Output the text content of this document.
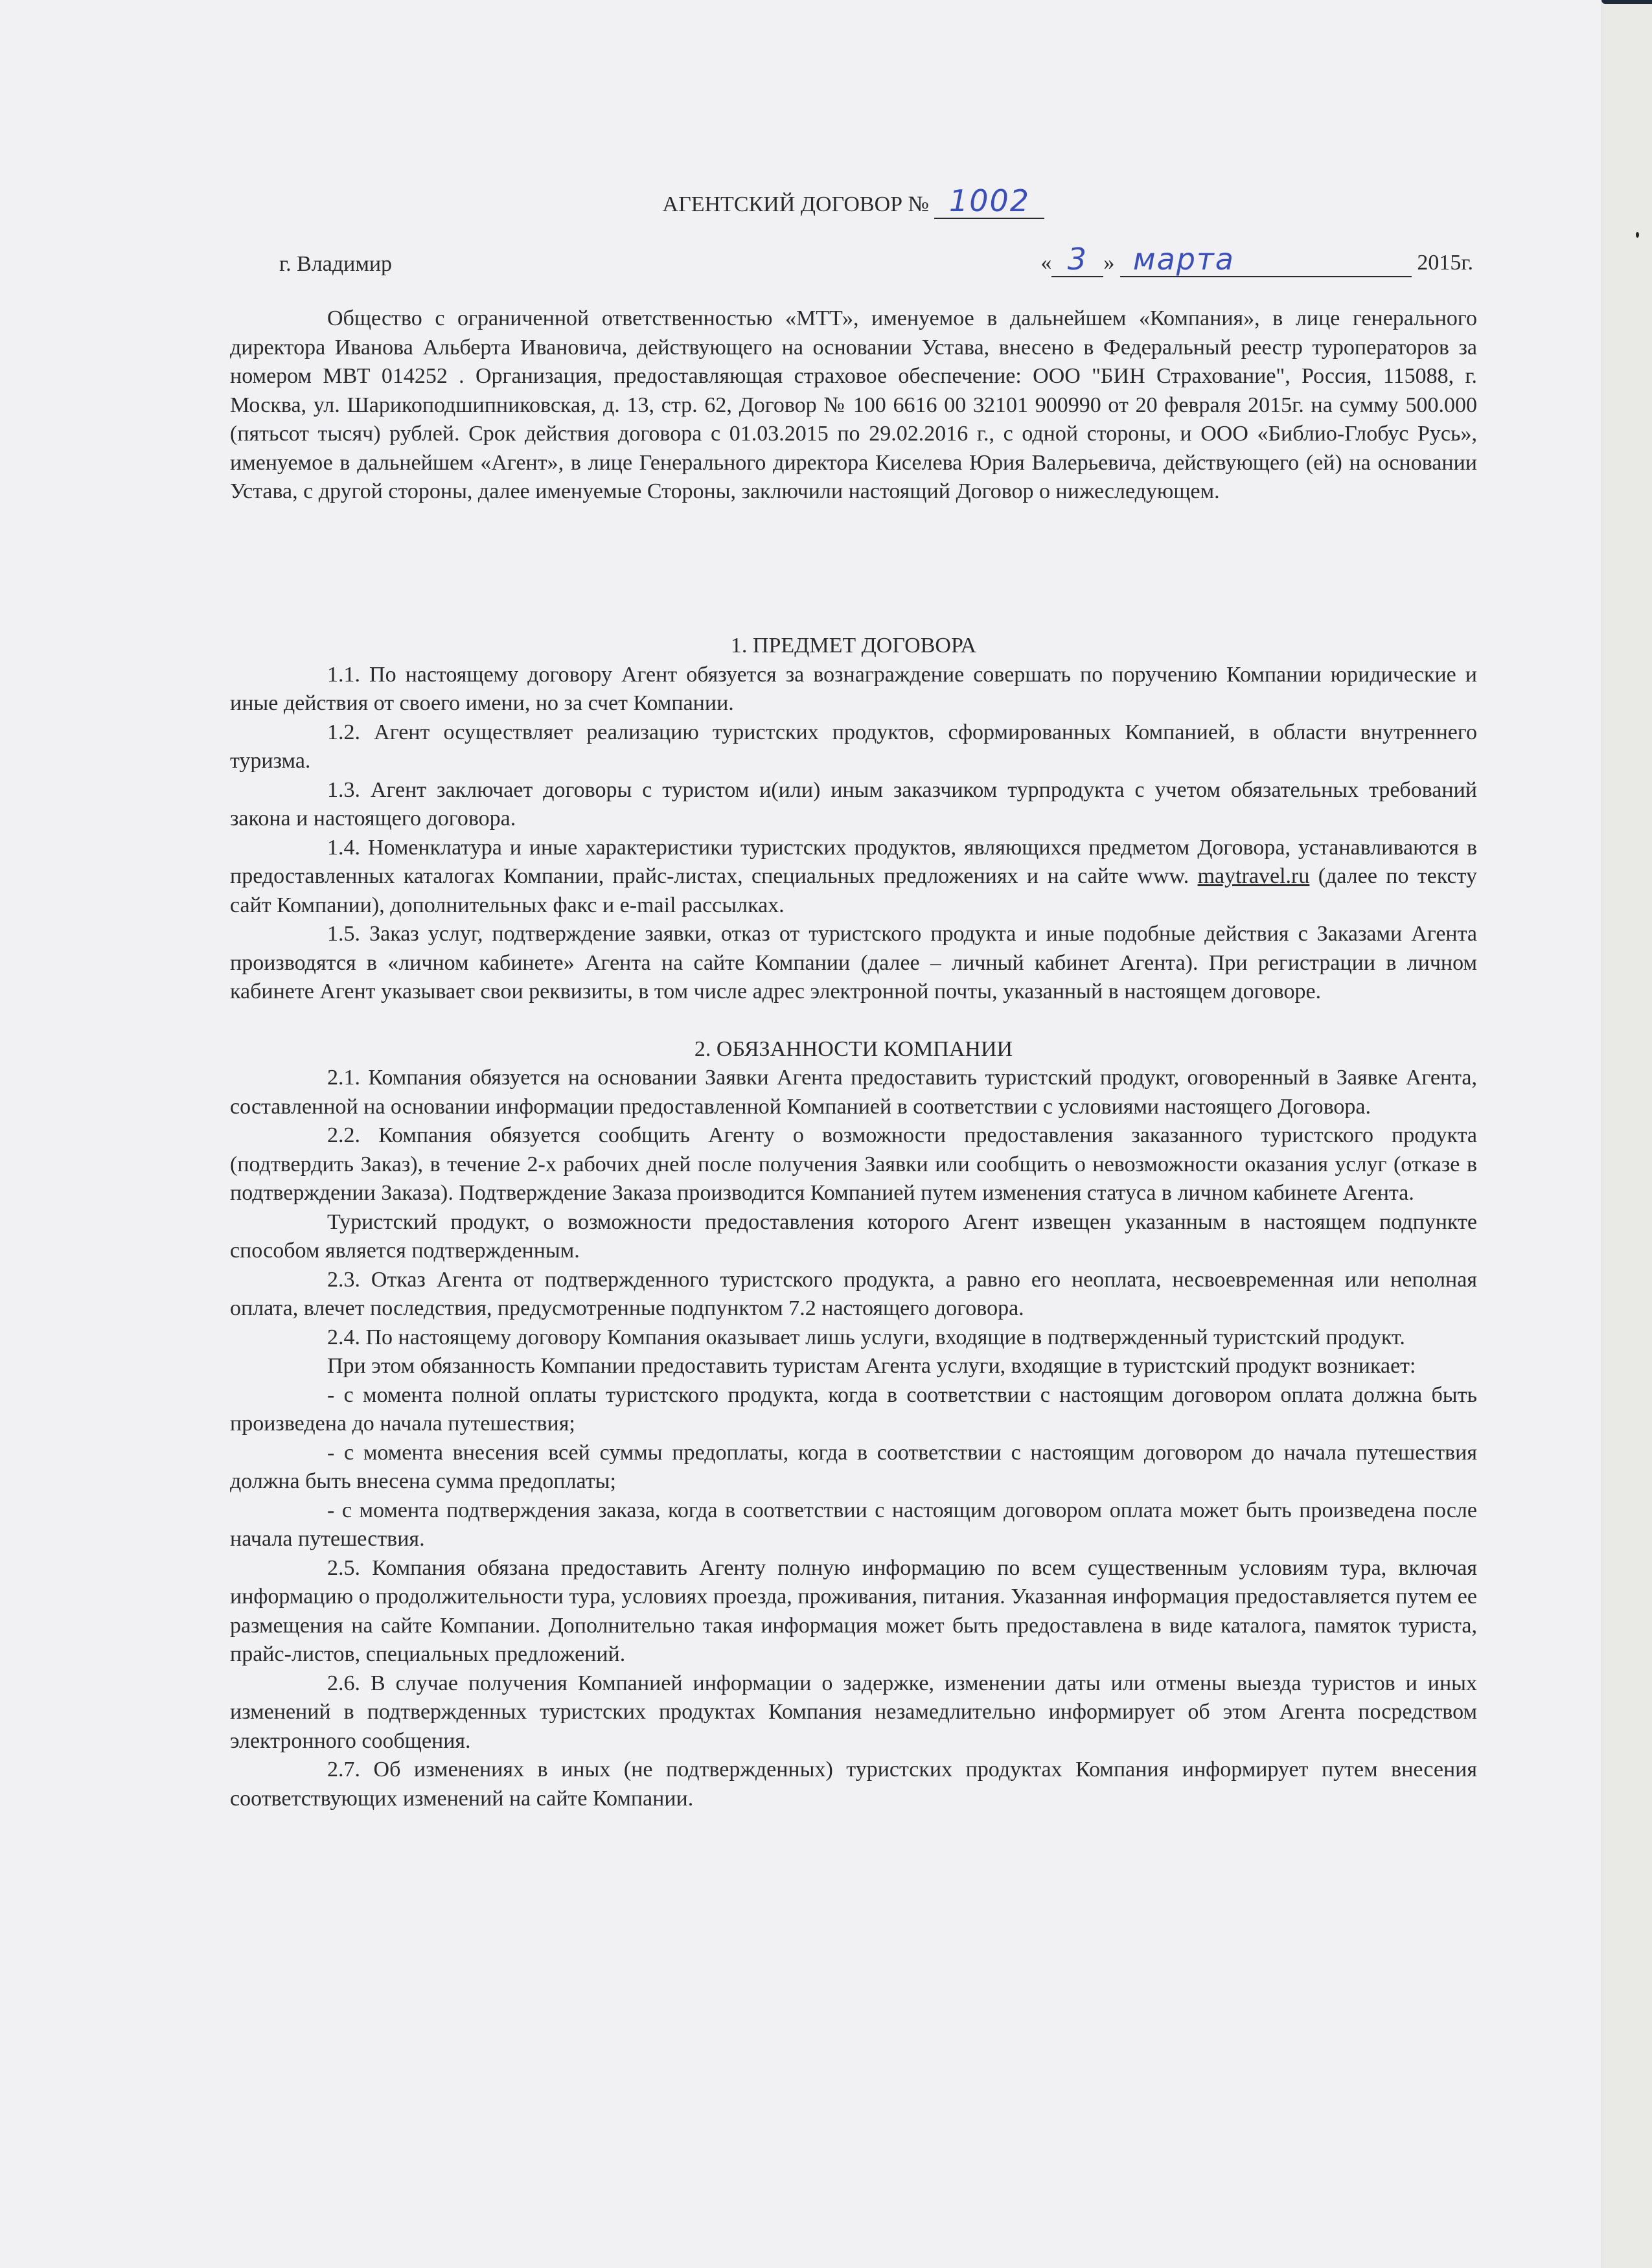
АГЕНТСКИЙ ДОГОВОР № 1002
г. Владимир	« 3 » марта	2015г.

Общество с ограниченной ответственностью «МТТ», именуемое в дальнейшем «Компания», в лице генерального директора Иванова Альберта Ивановича, действующего на основании Устава, внесено в Федеральный реестр туроператоров за номером МВТ 014252 . Организация, предоставляющая страховое обеспечение: ООО "БИН Страхование", Россия, 115088, г. Москва, ул. Шарикоподшипниковская, д. 13, стр. 62, Договор № 100 6616 00 32101 900990 от 20 февраля 2015г. на сумму 500.000 (пятьсот тысяч) рублей. Срок действия договора с 01.03.2015 по 29.02.2016 г., с одной стороны, и ООО «Библио-Глобус Русь», именуемое в дальнейшем «Агент», в лице Генерального директора Киселева Юрия Валерьевича, действующего (ей) на основании Устава, с другой стороны, далее именуемые Стороны, заключили настоящий Договор о нижеследующем.

1. ПРЕДМЕТ ДОГОВОРА

1.1. По настоящему договору Агент обязуется за вознаграждение совершать по поручению Компании юридические и иные действия от своего имени, но за счет Компании.

1.2. Агент осуществляет реализацию туристских продуктов, сформированных Компанией, в области внутреннего туризма.

1.3. Агент заключает договоры с туристом и(или) иным заказчиком турпродукта с учетом обязательных требований закона и настоящего договора.

1.4. Номенклатура и иные характеристики туристских продуктов, являющихся предметом Договора, устанавливаются в предоставленных каталогах Компании, прайс-листах, специальных предложениях и на сайте www. maytravel.ru (далее по тексту сайт Компании), дополнительных факс и e-mail рассылках.

1.5. Заказ услуг, подтверждение заявки, отказ от туристского продукта и иные подобные действия с Заказами Агента производятся в «личном кабинете» Агента на сайте Компании (далее – личный кабинет Агента). При регистрации в личном кабинете Агент указывает свои реквизиты, в том числе адрес электронной почты, указанный в настоящем договоре.

2. ОБЯЗАННОСТИ КОМПАНИИ

2.1. Компания обязуется на основании Заявки Агента предоставить туристский продукт, оговоренный в Заявке Агента, составленной на основании информации предоставленной Компанией в соответствии с условиями настоящего Договора.

2.2. Компания обязуется сообщить Агенту о возможности предоставления заказанного туристского продукта (подтвердить Заказ), в течение 2-х рабочих дней после получения Заявки или сообщить о невозможности оказания услуг (отказе в подтверждении Заказа). Подтверждение Заказа производится Компанией путем изменения статуса в личном кабинете Агента.

Туристский продукт, о возможности предоставления которого Агент извещен указанным в настоящем подпункте способом является подтвержденным.

2.3. Отказ Агента от подтвержденного туристского продукта, а равно его неоплата, несвоевременная или неполная оплата, влечет последствия, предусмотренные подпунктом 7.2 настоящего договора.

2.4. По настоящему договору Компания оказывает лишь услуги, входящие в подтвержденный туристский продукт.

При этом обязанность Компании предоставить туристам Агента услуги, входящие в туристский продукт возникает:

- с момента полной оплаты туристского продукта, когда в соответствии с настоящим договором оплата должна быть произведена до начала путешествия;

- с момента внесения всей суммы предоплаты, когда в соответствии с настоящим договором до начала путешествия должна быть внесена сумма предоплаты;

- с момента подтверждения заказа, когда в соответствии с настоящим договором оплата может быть произведена после начала путешествия.

2.5. Компания обязана предоставить Агенту полную информацию по всем существенным условиям тура, включая информацию о продолжительности тура, условиях проезда, проживания, питания. Указанная информация предоставляется путем ее размещения на сайте Компании. Дополнительно такая информация может быть предоставлена в виде каталога, памяток туриста, прайс-листов, специальных предложений.

2.6. В случае получения Компанией информации о задержке, изменении даты или отмены выезда туристов и иных изменений в подтвержденных туристских продуктах Компания незамедлительно информирует об этом Агента посредством электронного сообщения.

2.7. Об изменениях в иных (не подтвержденных) туристских продуктах Компания информирует путем внесения соответствующих изменений на сайте Компании.
